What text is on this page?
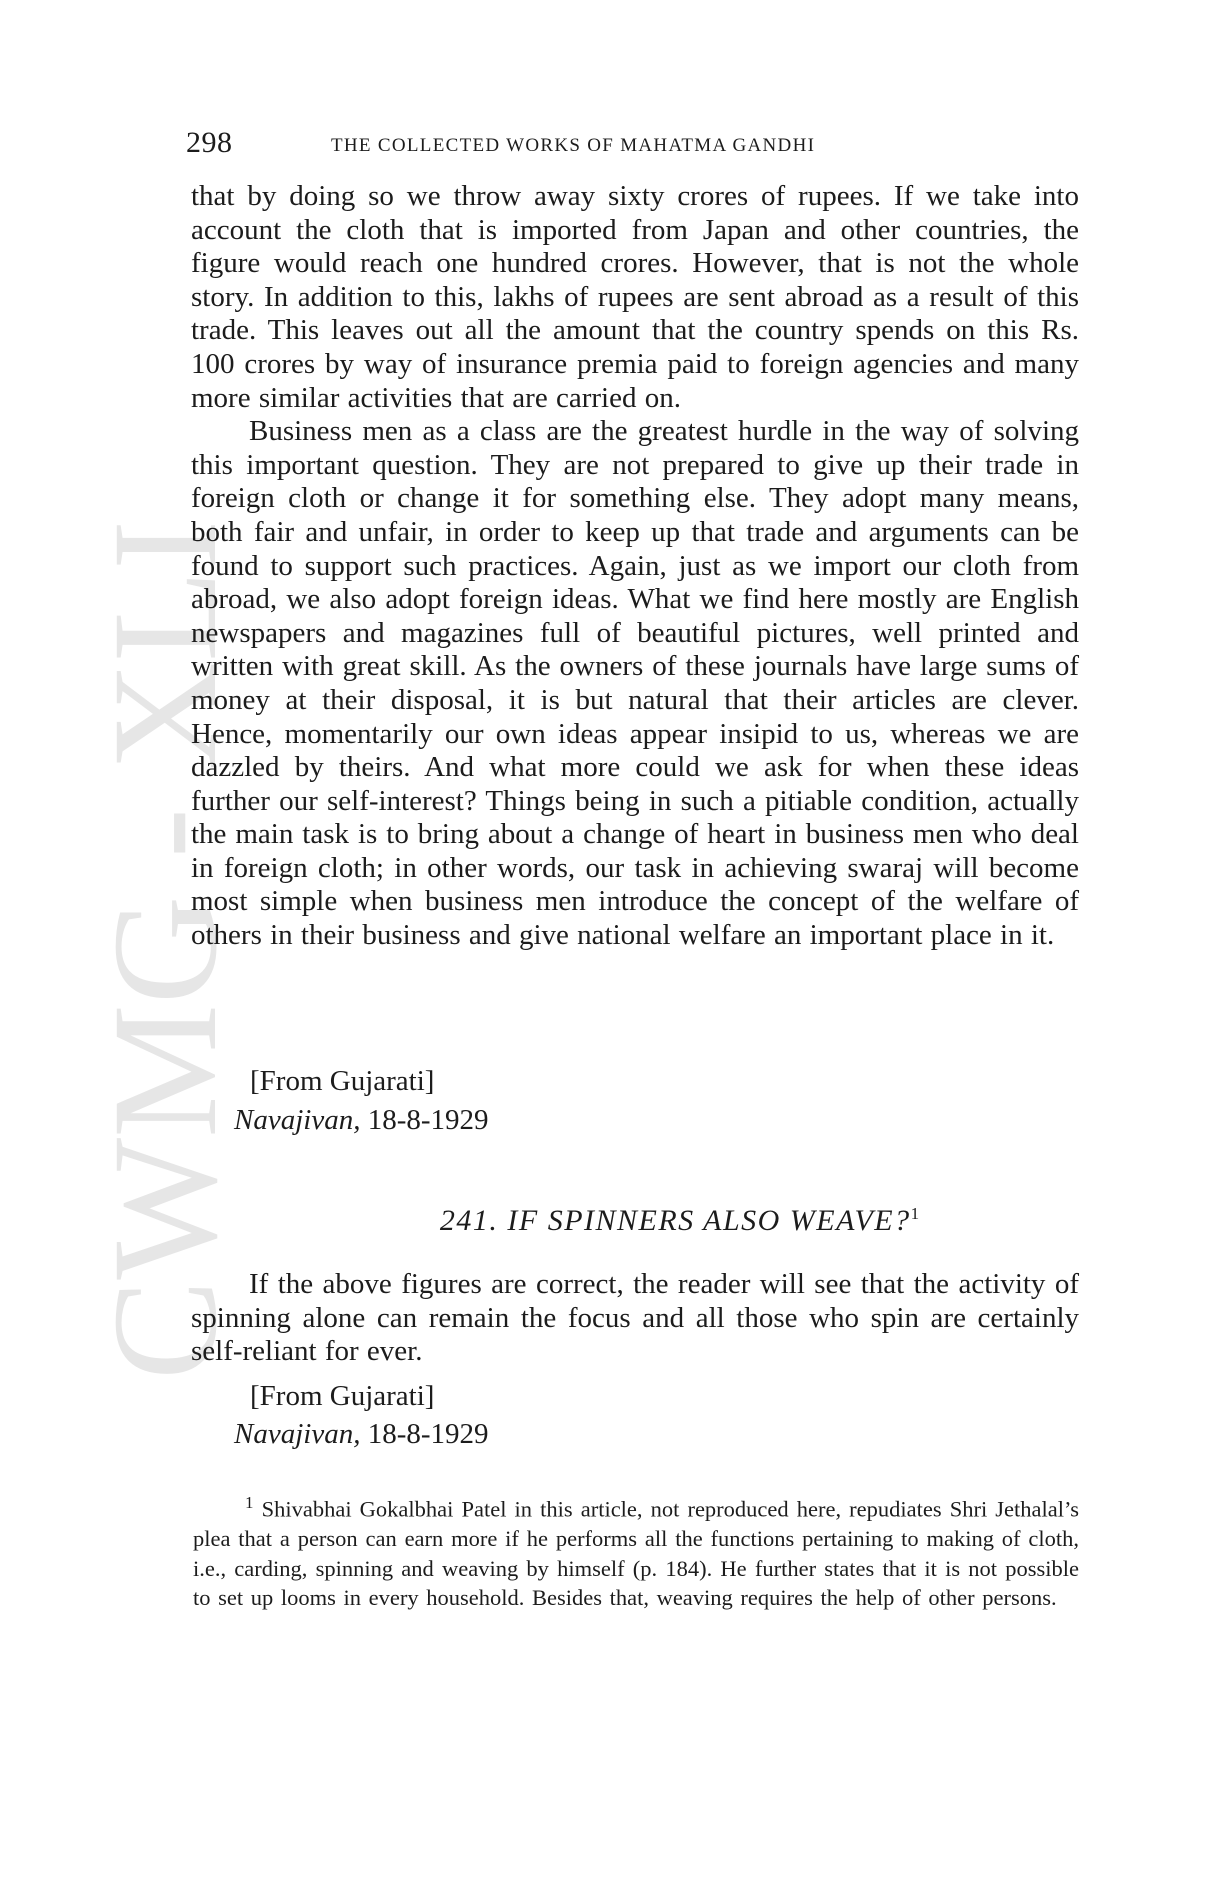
CWMG - XLI
298	THE COLLECTED WORKS OF MAHATMA GANDHI

that by doing so we throw away sixty crores of rupees. If we take into account the cloth that is imported from Japan and other countries, the figure would reach one hundred crores. However, that is not the whole story. In addition to this, lakhs of rupees are sent abroad as a result of this trade. This leaves out all the amount that the country spends on this Rs. 100 crores by way of insurance premia paid to foreign agencies and many more similar activities that are carried on.

Business men as a class are the greatest hurdle in the way of solving this important question. They are not prepared to give up their trade in foreign cloth or change it for something else. They adopt many means, both fair and unfair, in order to keep up that trade and arguments can be found to support such practices. Again, just as we import our cloth from abroad, we also adopt foreign ideas. What we find here mostly are English newspapers and magazines full of beautiful pictures, well printed and written with great skill. As the owners of these journals have large sums of money at their disposal, it is but natural that their articles are clever. Hence, momentarily our own ideas appear insipid to us, whereas we are dazzled by theirs. And what more could we ask for when these ideas further our self-interest? Things being in such a pitiable condition, actually the main task is to bring about a change of heart in business men who deal in foreign cloth; in other words, our task in achieving swaraj will become most simple when business men introduce the concept of the welfare of others in their business and give national welfare an important place in it.

[From Gujarati]
Navajivan, 18-8-1929
241. IF SPINNERS ALSO WEAVE?$^1$

If the above figures are correct, the reader will see that the activity of spinning alone can remain the focus and all those who spin are certainly self-reliant for ever.

[From Gujarati]
Navajivan, 18-8-1929

$^1$ Shivabhai Gokalbhai Patel in this article, not reproduced here, repudiates Shri Jethalal’s plea that a person can earn more if he performs all the functions pertaining to making of cloth, i.e., carding, spinning and weaving by himself (p. 184). He further states that it is not possible to set up looms in every household. Besides that, weaving requires the help of other persons.
